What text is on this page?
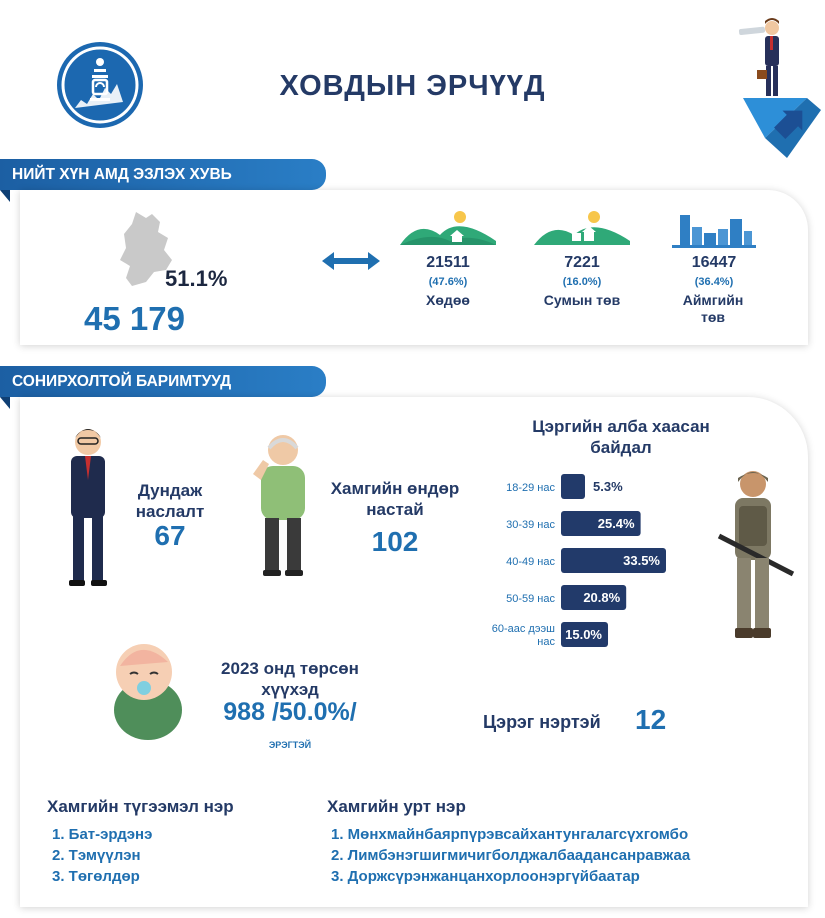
ХОВДЫН ЭРЧҮҮД
НИЙТ ХҮН АМД ЭЗЛЭХ ХУВЬ
51.1%
45 179
21511
(47.6%)
Хөдөө
7221
(16.0%)
Сумын төв
16447
(36.4%)
Аймгийн төв
СОНИРХОЛТОЙ БАРИМТУУД
Дундаж наслалт
67
Хамгийн өндөр настай
102
2023 онд төрсөн хүүхэд
988 /50.0%/
ЭРЭГТЭЙ
Цэргийн алба хаасан байдал
18-29 нас	5.3%
30-39 нас	25.4%
40-49 нас	33.5%
50-59 нас 20.8%
60-аас дээш нас 15.0%
Цэрэг нэртэй 12
Хамгийн түгээмэл нэр
1. Бат-эрдэнэ
2. Тэмүүлэн
3. Төгөлдөр
Хамгийн урт нэр
1. Мөнхмайнбаярпүрэвсайхантунгалагсүхгомбо
2. Лимбэнэгшигмичигболджалбаадансанравжаа
3. Доржсүрэнжанцанхорлоонэргүйбаатар
